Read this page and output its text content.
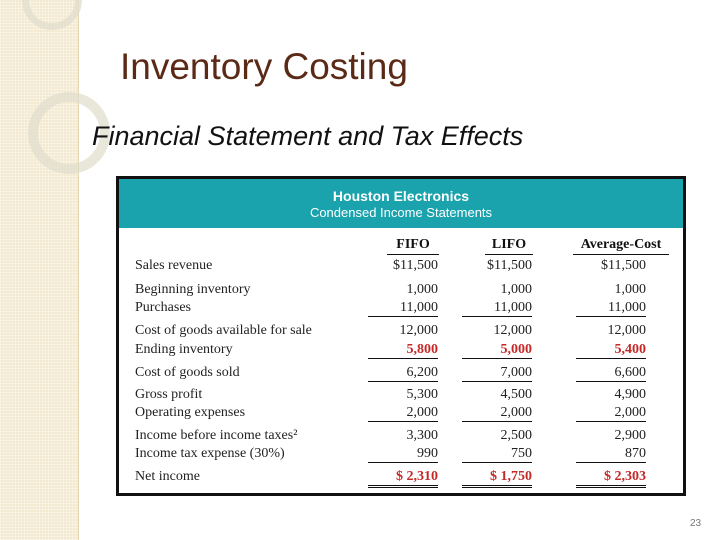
Inventory Costing
Financial Statement and Tax Effects
Houston Electronics
Condensed Income Statements
FIFO	LIFO	Average-Cost
Sales revenue	$11,500	$11,500	$11,500
Beginning inventory	1,000	1,000	1,000
Purchases	11,000	11,000	11,000
Cost of goods available for sale	12,000	12,000	12,000
Ending inventory	5,800	5,000	5,400
Cost of goods sold	6,200	7,000	6,600
Gross profit	5,300	4,500	4,900
Operating expenses	2,000	2,000	2,000
Income before income taxes²	3,300	2,500	2,900
Income tax expense (30%)	990	750	870
Net income	$ 2,310	$ 1,750	$ 2,303
23
